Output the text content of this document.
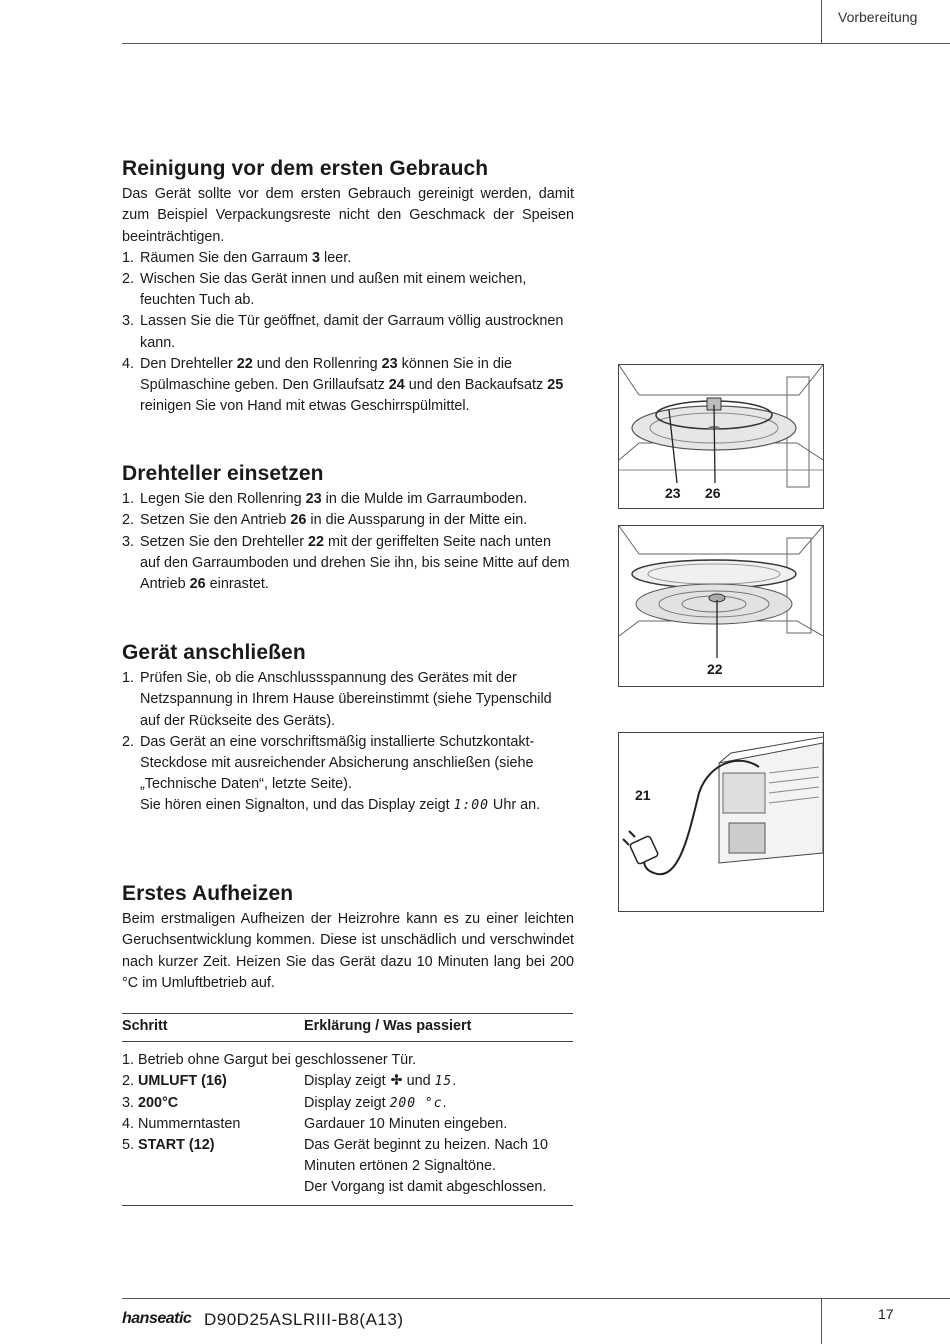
Vorbereitung
Reinigung vor dem ersten Gebrauch

Das Gerät sollte vor dem ersten Gebrauch gereinigt werden, damit zum Beispiel Verpackungsreste nicht den Geschmack der Speisen beeinträchtigen.

1. Räumen Sie den Garraum 3 leer.
2. Wischen Sie das Gerät innen und außen mit einem weichen, feuchten Tuch ab.
3. Lassen Sie die Tür geöffnet, damit der Garraum völlig austrocknen kann.
4. Den Drehteller 22 und den Rollenring 23 können Sie in die Spülmaschine geben. Den Grillaufsatz 24 und den Backaufsatz 25 reinigen Sie von Hand mit etwas Geschirrspülmittel.
Drehteller einsetzen
1. Legen Sie den Rollenring 23 in die Mulde im Garraumboden.
2. Setzen Sie den Antrieb 26 in die Aussparung in der Mitte ein.
3. Setzen Sie den Drehteller 22 mit der geriffelten Seite nach unten auf den Garraumboden und drehen Sie ihn, bis seine Mitte auf dem Antrieb 26 einrastet.
Gerät anschließen
1. Prüfen Sie, ob die Anschlussspannung des Gerätes mit der Netzspannung in Ihrem Hause übereinstimmt (siehe Typenschild auf der Rückseite des Geräts).
2. Das Gerät an eine vorschriftsmäßig installierte Schutzkontakt-Steckdose mit ausreichender Absicherung anschließen (siehe „Technische Daten“, letzte Seite).
Sie hören einen Signalton, und das Display zeigt 1:00 Uhr an.
Erstes Aufheizen

Beim erstmaligen Aufheizen der Heizrohre kann es zu einer leichten Geruchsentwicklung kommen. Diese ist unschädlich und verschwindet nach kurzer Zeit. Heizen Sie das Gerät dazu 10 Minuten lang bei 200 °C im Umluftbetrieb auf.

Schritt	Erklärung / Was passiert
1. Betrieb ohne Gargut bei geschlossener Tür.	
2. UMLUFT (16)	Display zeigt  und 15.
3. 200°C	Display zeigt 200 °c.
4. Nummerntasten	Gardauer 10 Minuten eingeben.
5. START (12)	Das Gerät beginnt zu heizen. Nach 10
Minuten ertönen 2 Signaltöne.
Der Vorgang ist damit abgeschlossen.
23 26
22
21
hanseatic D90D25ASLRIII-B8(A13)	17
